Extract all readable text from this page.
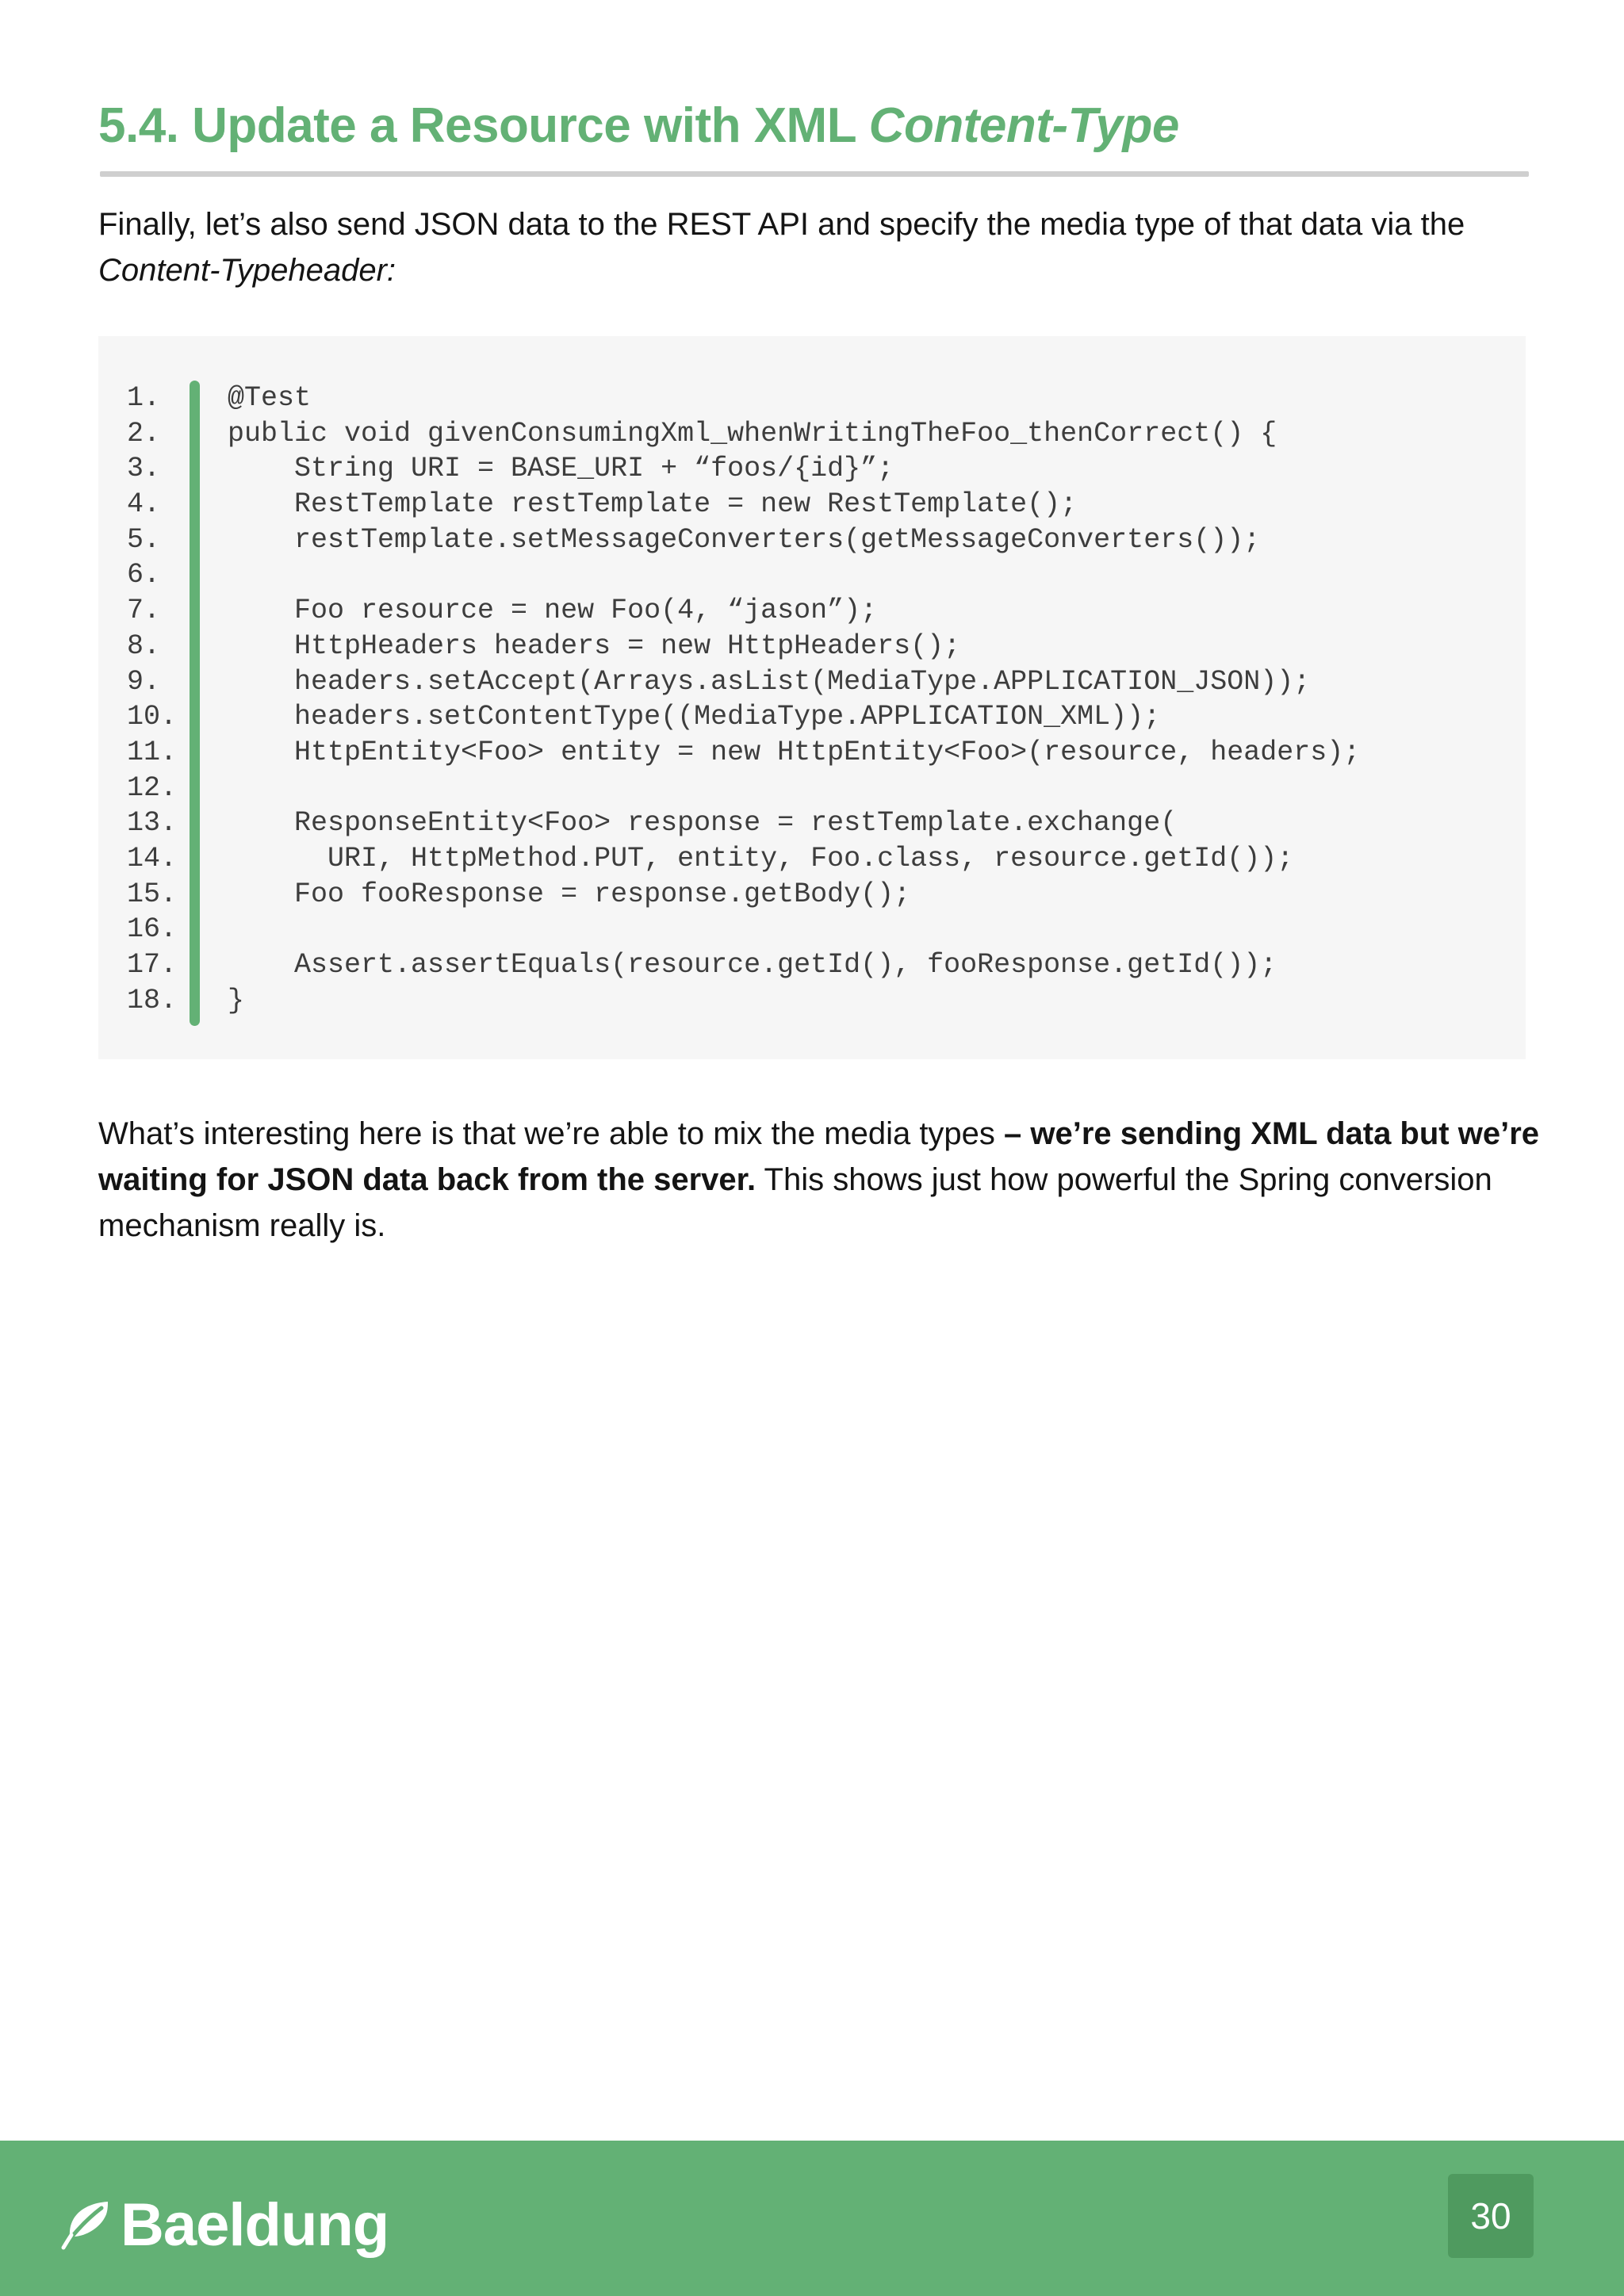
5.4. Update a Resource with XML Content-Type

Finally, let’s also send JSON data to the REST API and specify the media type of that data via the Content-Typeheader:

1.
2.
3.
4.
5.
6.
7.
8.
9.
10.
11.
12.
13.
14.
15.
16.
17.
18.
@Test
public void givenConsumingXml_whenWritingTheFoo_thenCorrect() {
String URI = BASE_URI + “foos/{id}”;
RestTemplate restTemplate = new RestTemplate();
restTemplate.setMessageConverters(getMessageConverters());
Foo resource = new Foo(4, “jason”);
HttpHeaders headers = new HttpHeaders();
headers.setAccept(Arrays.asList(MediaType.APPLICATION_JSON));
headers.setContentType((MediaType.APPLICATION_XML));
HttpEntity<Foo> entity = new HttpEntity<Foo>(resource, headers);
ResponseEntity<Foo> response = restTemplate.exchange(
URI, HttpMethod.PUT, entity, Foo.class, resource.getId());
Foo fooResponse = response.getBody();
Assert.assertEquals(resource.getId(), fooResponse.getId());
}

What’s interesting here is that we’re able to mix the media types – we’re sending XML data but we’re waiting for JSON data back from the server. This shows just how powerful the Spring conversion mechanism really is.

Baeldung	30
